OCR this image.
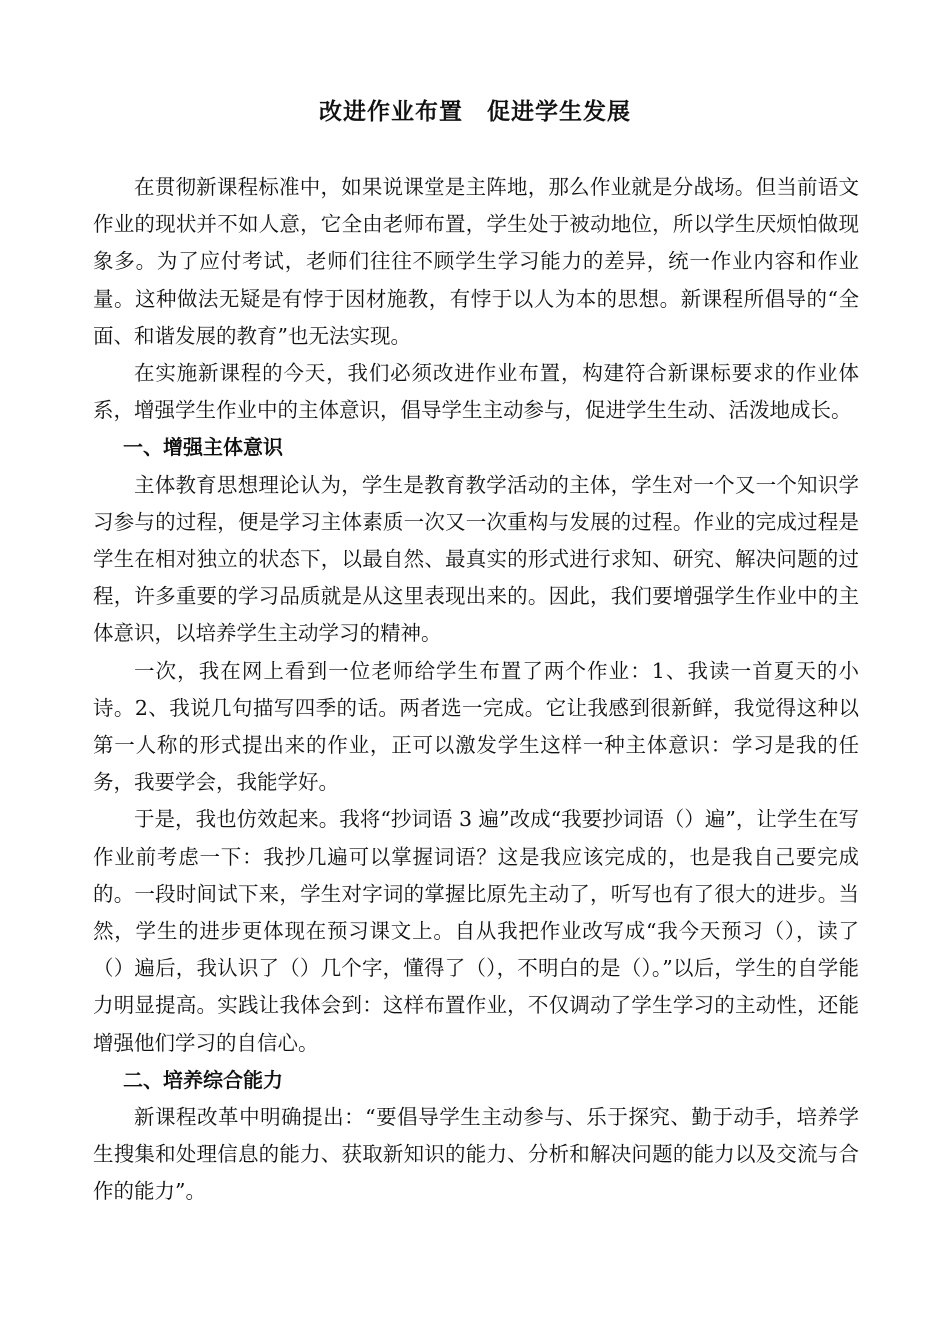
改进作业布置　促进学生发展

在贯彻新课程标准中，如果说课堂是主阵地，那么作业就是分战场。但当前语文作业的现状并不如人意，它全由老师布置，学生处于被动地位，所以学生厌烦怕做现象多。为了应付考试，老师们往往不顾学生学习能力的差异，统一作业内容和作业量。这种做法无疑是有悖于因材施教，有悖于以人为本的思想。新课程所倡导的“全面、和谐发展的教育”也无法实现。

在实施新课程的今天，我们必须改进作业布置，构建符合新课标要求的作业体系，增强学生作业中的主体意识，倡导学生主动参与，促进学生生动、活泼地成长。

一、增强主体意识

主体教育思想理论认为，学生是教育教学活动的主体，学生对一个又一个知识学习参与的过程，便是学习主体素质一次又一次重构与发展的过程。作业的完成过程是学生在相对独立的状态下，以最自然、最真实的形式进行求知、研究、解决问题的过程，许多重要的学习品质就是从这里表现出来的。因此，我们要增强学生作业中的主体意识，以培养学生主动学习的精神。

一次，我在网上看到一位老师给学生布置了两个作业：1、我读一首夏天的小诗。2、我说几句描写四季的话。两者选一完成。它让我感到很新鲜，我觉得这种以第一人称的形式提出来的作业，正可以激发学生这样一种主体意识：学习是我的任务，我要学会，我能学好。

于是，我也仿效起来。我将“抄词语 3 遍”改成“我要抄词语（）遍”，让学生在写作业前考虑一下：我抄几遍可以掌握词语？这是我应该完成的，也是我自己要完成的。一段时间试下来，学生对字词的掌握比原先主动了，听写也有了很大的进步。当然，学生的进步更体现在预习课文上。自从我把作业改写成“我今天预习（），读了（）遍后，我认识了（）几个字，懂得了（），不明白的是（）。”以后，学生的自学能力明显提高。实践让我体会到：这样布置作业，不仅调动了学生学习的主动性，还能增强他们学习的自信心。

二、培养综合能力

新课程改革中明确提出：“要倡导学生主动参与、乐于探究、勤于动手，培养学生搜集和处理信息的能力、获取新知识的能力、分析和解决问题的能力以及交流与合作的能力”。
